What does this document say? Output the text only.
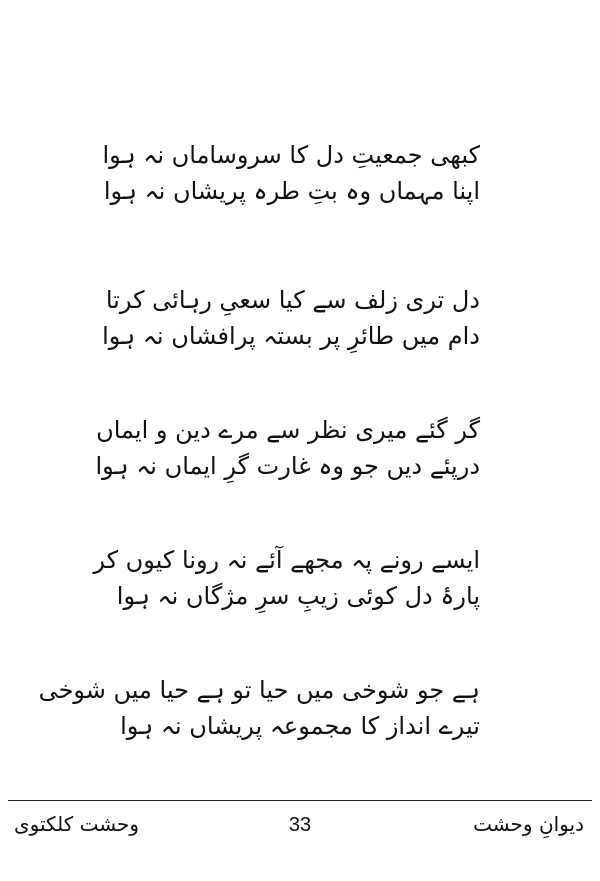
کبھی جمعیتِ دل کا سروساماں نہ ہوا
اپنا مہماں وہ بتِ طرہ پریشاں نہ ہوا
دل تری زلف سے کیا سعیِ رہائی کرتا
دام میں طائرِ پر بستہ پرافشاں نہ ہوا
گر گئے میری نظر سے مرے دین و ایماں
درپئے دیں جو وہ غارت گرِ ایماں نہ ہوا
ایسے رونے پہ مجھے آئے نہ رونا کیوں کر
پارۂ دل کوئی زیبِ سرِ مژگاں نہ ہوا
ہے جو شوخی میں حیا تو ہے حیا میں شوخی
تیرے انداز کا مجموعہ پریشاں نہ ہوا
وحشت کلکتوی	33	دیوانِ وحشت
